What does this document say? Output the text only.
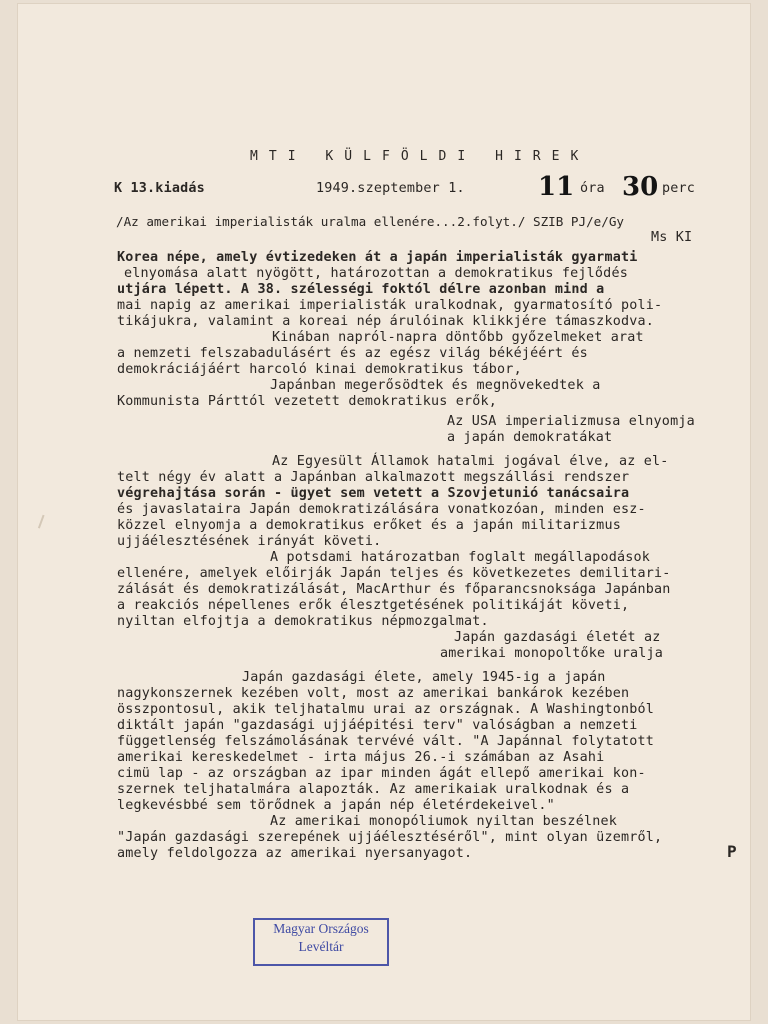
M T I   K Ü L F Ö L D I   H I R E K
K 13.kiadás	1949.szeptember 1.	11 óra 30 perc
/Az amerikai imperialisták uralma ellenére...2.folyt./ SZIB PJ/e/Gy
Ms KI
Korea népe, amely évtizedeken át a japán imperialisták gyarmati
elnyomása alatt nyögött, határozottan a demokratikus fejlődés
utjára lépett. A 38. szélességi foktól délre azonban mind a
mai napig az amerikai imperialisták uralkodnak, gyarmatosító poli-
tikájukra, valamint a koreai nép árulóinak klikkjére támaszkodva.
Kinában napról-napra döntőbb győzelmeket arat
a nemzeti felszabadulásért és az egész világ békéjéért és
demokráciájáért harcoló kinai demokratikus tábor,
Japánban megerősödtek és megnövekedtek a
Kommunista Párttól vezetett demokratikus erők,
Az USA imperializmusa elnyomja
a japán demokratákat
Az Egyesült Államok hatalmi jogával élve, az el-
telt négy év alatt a Japánban alkalmazott megszállási rendszer
végrehajtása során - ügyet sem vetett a Szovjetunió tanácsaira
és javaslataira Japán demokratizálására vonatkozóan, minden esz-
közzel elnyomja a demokratikus erőket és a japán militarizmus
ujjáélesztésének irányát követi.
A potsdami határozatban foglalt megállapodások
ellenére, amelyek előirják Japán teljes és következetes demilitari-
zálását és demokratizálását, MacArthur és főparancsnoksága Japánban
a reakciós népellenes erők élesztgetésének politikáját követi,
nyiltan elfojtja a demokratikus népmozgalmat.
Japán gazdasági életét az
amerikai monopoltőke uralja
Japán gazdasági élete, amely 1945-ig a japán
nagykonszernek kezében volt, most az amerikai bankárok kezében
összpontosul, akik teljhatalmu urai az országnak. A Washingtonból
diktált japán "gazdasági ujjáépitési terv" valóságban a nemzeti
függetlenség felszámolásának tervévé vált. "A Japánnal folytatott
amerikai kereskedelmet - irta május 26.-i számában az Asahi
cimü lap - az országban az ipar minden ágát ellepő amerikai kon-
szernek teljhatalmára alapozták. Az amerikaiak uralkodnak és a
legkevésbbé sem törődnek a japán nép életérdekeivel."
Az amerikai monopóliumok nyiltan beszélnek
"Japán gazdasági szerepének ujjáélesztéséről", mint olyan üzemről,
amely feldolgozza az amerikai nyersanyagot.	P
Magyar Országos
Levéltár
